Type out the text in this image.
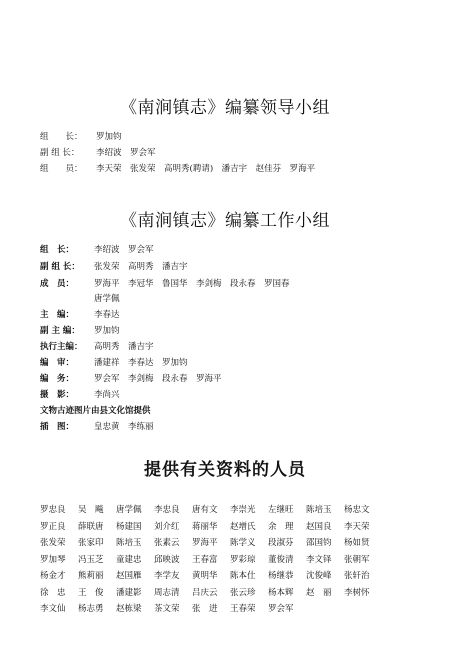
《南涧镇志》编纂领导小组
组　　长： 罗加钧
副 组 长： 李绍波　罗会军
组　　员： 李天荣　张发荣　高明秀(聘请)　潘吉宇　赵佳芬　罗海平
《南涧镇志》编纂工作小组
组　长： 李绍波　罗会军
副 组 长： 张发荣　高明秀　潘吉宇
成　员： 罗海平　李冠华　鲁国华　李剑梅　段永春　罗国春
唐学佩
主　编： 李春达
副 主 编： 罗加钧
执行主编： 高明秀　潘吉宇
编　审： 潘建祥　李春达　罗加钧
编　务： 罗会军　李剑梅　段永春　罗海平
摄　影： 李尚兴
文物古迹图片由县文化馆提供
插　图： 皇忠黄　李练丽
提供有关资料的人员
罗忠良	吴　飚	唐学佩	李忠良	唐有文	李崇光	左继旺	陈培玉	杨忠文
罗正良	薛联唐	杨建国	刘介红	蒋丽华	赵增氏	余　理	赵国良	李天荣
张发荣	张家印	陈培玉	张素云	罗海平	陈学义	段淑芬	邵国钧	杨如贤
罗加琴	冯玉芝	童建忠	邱映波	王春富	罗彩琼	董俊清	李文铎	张朝军
杨金才	熊莉丽	赵国雁	李学友	黄明华	陈本仕	杨继恭	沈俊峰	张轩治
徐　忠	王　俊	潘建影	周志清	吕庆云	张云珍	杨本辉	赵　丽	李树怀
李文仙	杨志勇	赵栋梁	茶文荣	张　进	王春荣	罗会军
